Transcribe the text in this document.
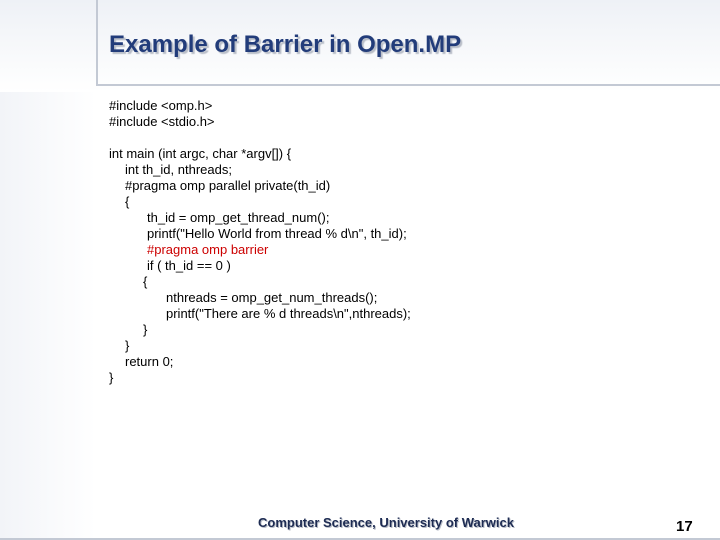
Example of Barrier in Open.MP
#include <omp.h>
#include <stdio.h>
int main (int argc, char *argv[]) {
int th_id, nthreads;
#pragma omp parallel private(th_id)
{
th_id = omp_get_thread_num();
printf("Hello World from thread % d\n", th_id);
#pragma omp barrier
if ( th_id == 0 )
{
nthreads = omp_get_num_threads();
printf("There are % d threads\n",nthreads);
}
}
return 0;
}
Computer Science, University of Warwick	17
